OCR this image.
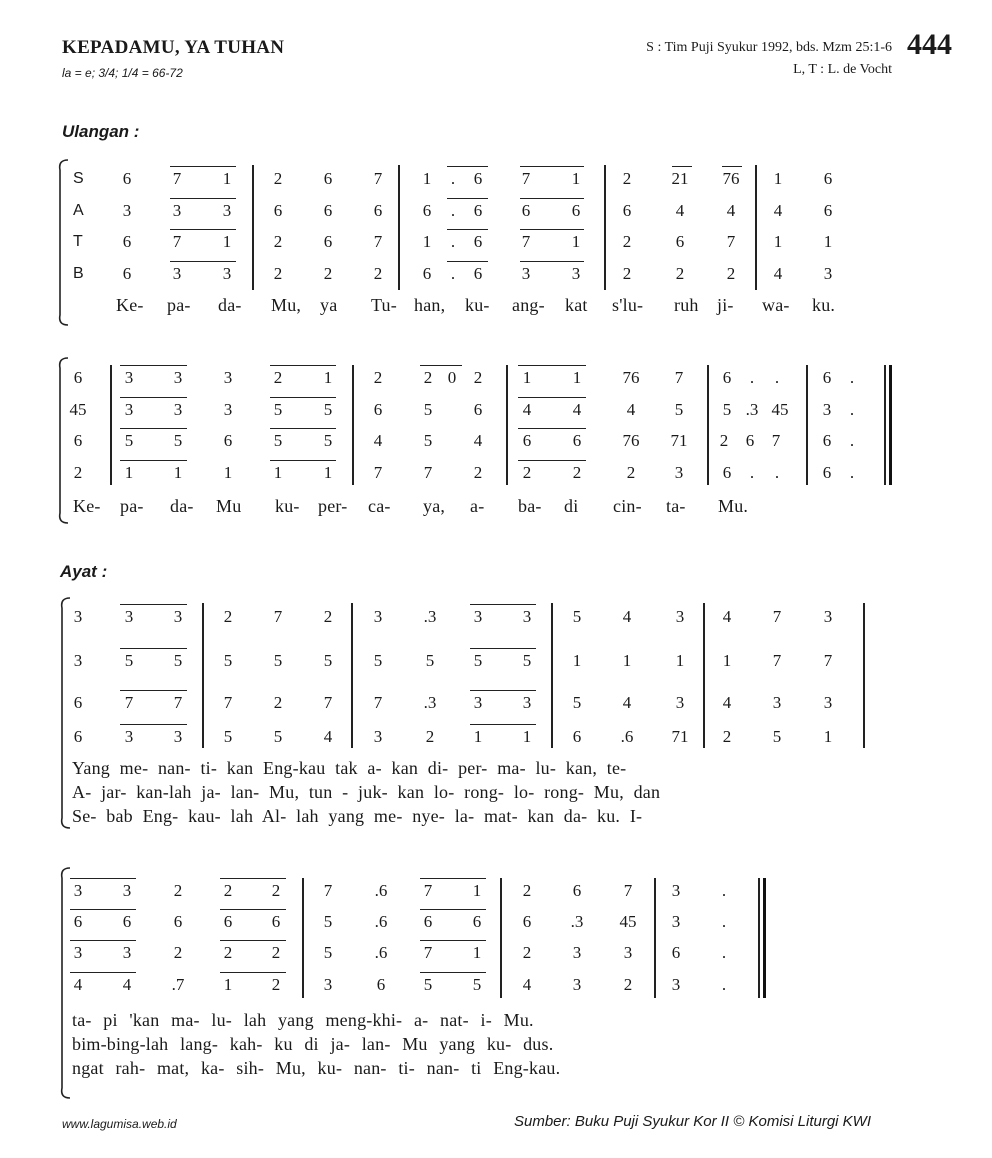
KEPADAMU, YA TUHAN
la = e; 3/4; 1/4 = 66-72
S : Tim Puji Syukur 1992, bds. Mzm 25:1-6
L, T : L. de Vocht
444
Ulangan :
Ayat :
S
A
T
B
Ke- pa- da- Mu, ya Tu- han, ku- ang- kat s'lu- ruh ji- wa- ku.
6 7 1	2 6 7 1 . 6 7 1	2 21 76 1 6
3 3 3	6 6 6 6 . 6 6 6	6	4	4 4 6
6 7 1	2 6 7 1 . 6 7 1	2	6	7 1 1
6 3 3	2 2 2 6 . 6 3 3	2	2	2 4 3
Ke- pa- da- Mu ku- per- ca- ya, a- ba- di cin- ta- Mu.
6	3 3 3 2 1 2 2 0 2 1 1 76 7 6 . .	6 .
45 3 3 3 5 5 6 5 6 4 4	4 5 5 .3 45 3 .
6	5 5 6 5 5 4 5 4 6 6 76 71 2 6 7	6 .
2	1 1 1 1 1 7 7 2 2 2	2 3 6 . .	6 .
Yang me- nan- ti- kan Eng-kau tak a- kan di- per- ma- lu- kan, te-
A- jar- kan-lah ja- lan- Mu, tun - juk- kan lo- rong- lo- rong- Mu, dan
Se- bab Eng- kau- lah Al- lah yang me- nye- la- mat- kan da- ku. I-
3	3 3 2 7 2 3 .3 3 3 5 4	3 4 7	3
3	5 5 5 5 5 5	5 5 5 1 1	1 1 7	7
6	7 7 7 2 7 7 .3 3 3 5 4	3 4 3	3
6	3 3 5 5 4 3	2 1 1 6 .6 71 2 5	1
ta- pi 'kan ma- lu- lah yang meng-khi- a- nat- i- Mu.
bim-bing-lah lang- kah- ku di ja- lan- Mu yang ku- dus.
ngat rah- mat, ka- sih- Mu, ku- nan- ti- nan- ti Eng-kau.
3 3	2 2 2	7 .6 7 1 2 6	7 3 .
6 6	6 6 6	5 .6 6 6 6 .3 45 3 .
3 3	2 2 2	5 .6 7 1 2 3	3 6 .
4 4 .7 1 2	3	6 5 5 4 3	2 3 .
www.lagumisa.web.id	Sumber: Buku Puji Syukur Kor II © Komisi Liturgi KWI
